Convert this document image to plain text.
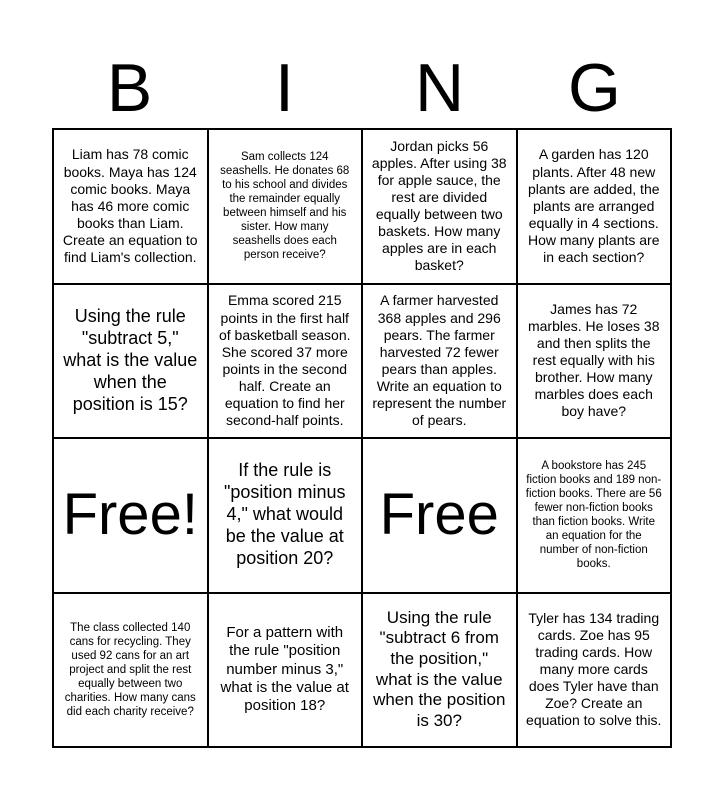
B	I	N	G
Liam has 78 comic books. Maya has 124 comic books. Maya has 46 more comic books than Liam. Create an equation to find Liam's collection.
Sam collects 124 seashells. He donates 68 to his school and divides the remainder equally between himself and his sister. How many seashells does each person receive?
Jordan picks 56 apples. After using 38 for apple sauce, the rest are divided equally between two baskets. How many apples are in each basket?
A garden has 120 plants. After 48 new plants are added, the plants are arranged equally in 4 sections. How many plants are in each section?
Using the rule "subtract 5," what is the value when the position is 15?
Emma scored 215 points in the first half of basketball season. She scored 37 more points in the second half. Create an equation to find her second-half points.
A farmer harvested 368 apples and 296 pears. The farmer harvested 72 fewer pears than apples. Write an equation to represent the number of pears.
James has 72 marbles. He loses 38 and then splits the rest equally with his brother. How many marbles does each boy have?
Free!
If the rule is "position minus 4," what would be the value at position 20?
Free
A bookstore has 245 fiction books and 189 non-fiction books. There are 56 fewer non-fiction books than fiction books. Write an equation for the number of non-fiction books.
The class collected 140 cans for recycling. They used 92 cans for an art project and split the rest equally between two charities. How many cans did each charity receive?
For a pattern with the rule "position number minus 3," what is the value at position 18?
Using the rule "subtract 6 from the position," what is the value when the position is 30?
Tyler has 134 trading cards. Zoe has 95 trading cards. How many more cards does Tyler have than Zoe? Create an equation to solve this.
